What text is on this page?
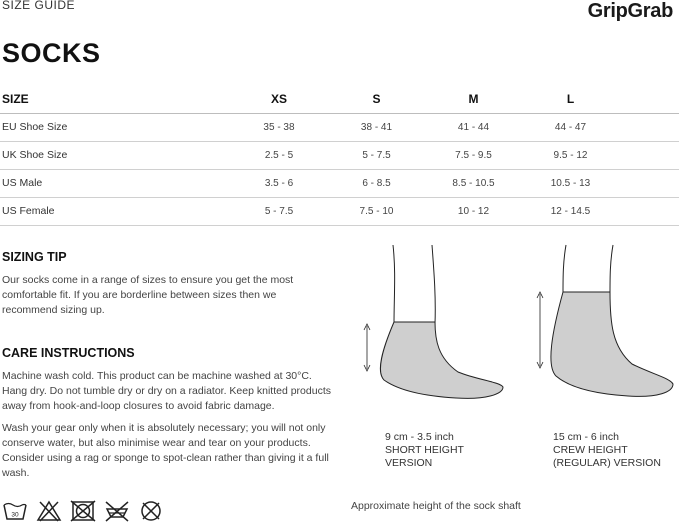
SIZE GUIDE	GripGrab
SOCKS
SIZE	XS	S	M	L	
EU Shoe Size	35 - 38	38 - 41	41 - 44	44 - 47	
UK Shoe Size	2.5 - 5	5 - 7.5	7.5 - 9.5	9.5 - 12	
US Male	3.5 - 6	6 - 8.5	8.5 - 10.5	10.5 - 13	
US Female	5 - 7.5	7.5 - 10	10 - 12	12 - 14.5	
SIZING TIP

Our socks come in a range of sizes to ensure you get the most comfortable fit. If you are borderline between sizes then we recommend sizing up.

CARE INSTRUCTIONS

Machine wash cold. This product can be machine washed at 30°C. Hang dry. Do not tumble dry or dry on a radiator. Keep knitted products away from hook-and-loop closures to avoid fabric damage.

Wash your gear only when it is absolutely necessary; you will not only conserve water, but also minimise wear and tear on your products. Consider using a rag or sponge to spot-clean rather than giving it a full wash.

30
9 cm - 3.5 inch
SHORT HEIGHT
VERSION
15 cm - 6 inch
CREW HEIGHT
(REGULAR) VERSION
Approximate height of the sock shaft
